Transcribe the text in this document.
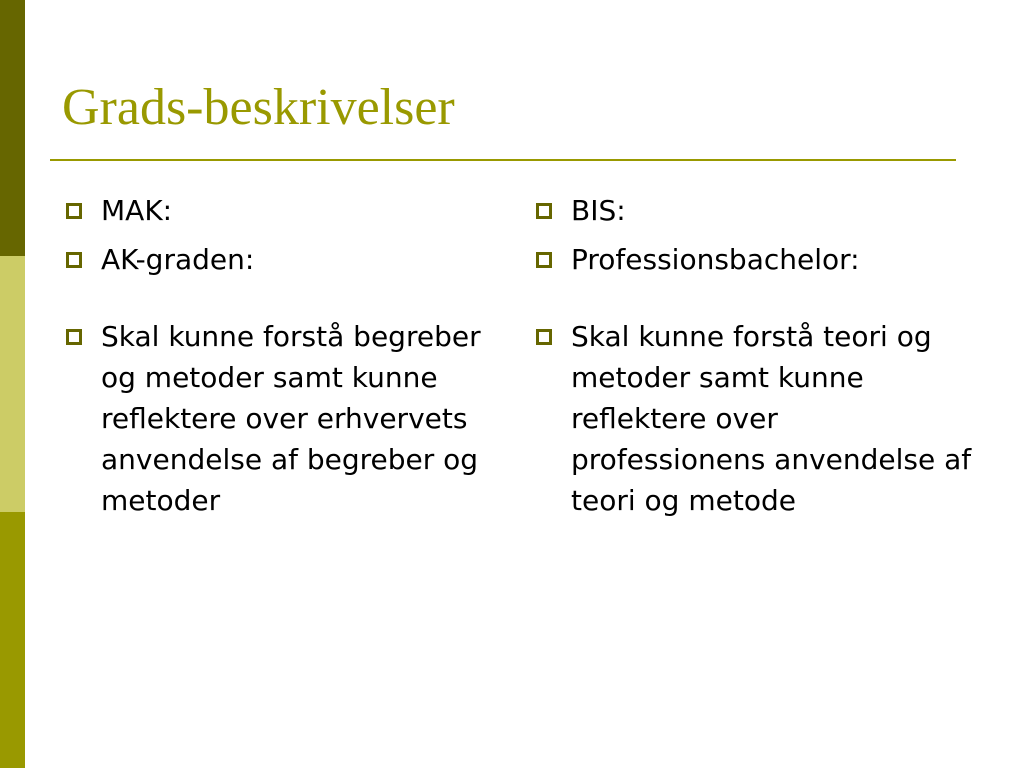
Grads-beskrivelser
MAK:
AK-graden:
Skal kunne forstå begreber og metoder samt kunne reflektere over erhvervets anvendelse af begreber og metoder
BIS:
Professionsbachelor:
Skal kunne forstå teori og metoder samt kunne reflektere over professionens anvendelse af teori og metode
